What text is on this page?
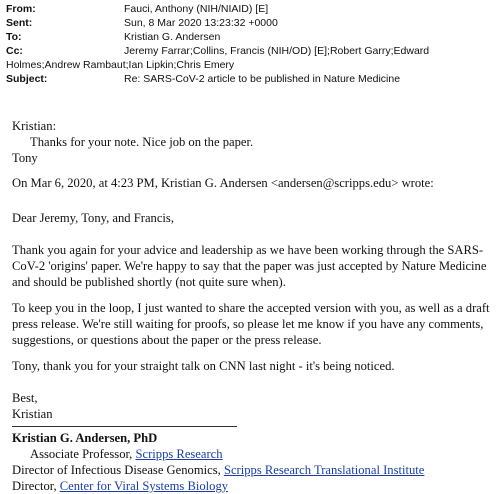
From:	Fauci, Anthony (NIH/NIAID) [E]
Sent:	Sun, 8 Mar 2020 13:23:32 +0000
To:	Kristian G. Andersen
Cc:	Jeremy Farrar;Collins, Francis (NIH/OD) [E];Robert Garry;Edward
Holmes;Andrew Rambaut;Ian Lipkin;Chris Emery
Subject:	Re: SARS-CoV-2 article to be published in Nature Medicine
Kristian:
Thanks for your note. Nice job on the paper.
Tony
On Mar 6, 2020, at 4:23 PM, Kristian G. Andersen <andersen@scripps.edu> wrote:
Dear Jeremy, Tony, and Francis,
Thank you again for your advice and leadership as we have been working through the SARS-
CoV-2 'origins' paper. We're happy to say that the paper was just accepted by Nature Medicine
and should be published shortly (not quite sure when).
To keep you in the loop, I just wanted to share the accepted version with you, as well as a draft
press release. We're still waiting for proofs, so please let me know if you have any comments,
suggestions, or questions about the paper or the press release.
Tony, thank you for your straight talk on CNN last night - it's being noticed.
Best,
Kristian
Kristian G. Andersen, PhD
Associate Professor, Scripps Research
Director of Infectious Disease Genomics, Scripps Research Translational Institute
Director, Center for Viral Systems Biology
